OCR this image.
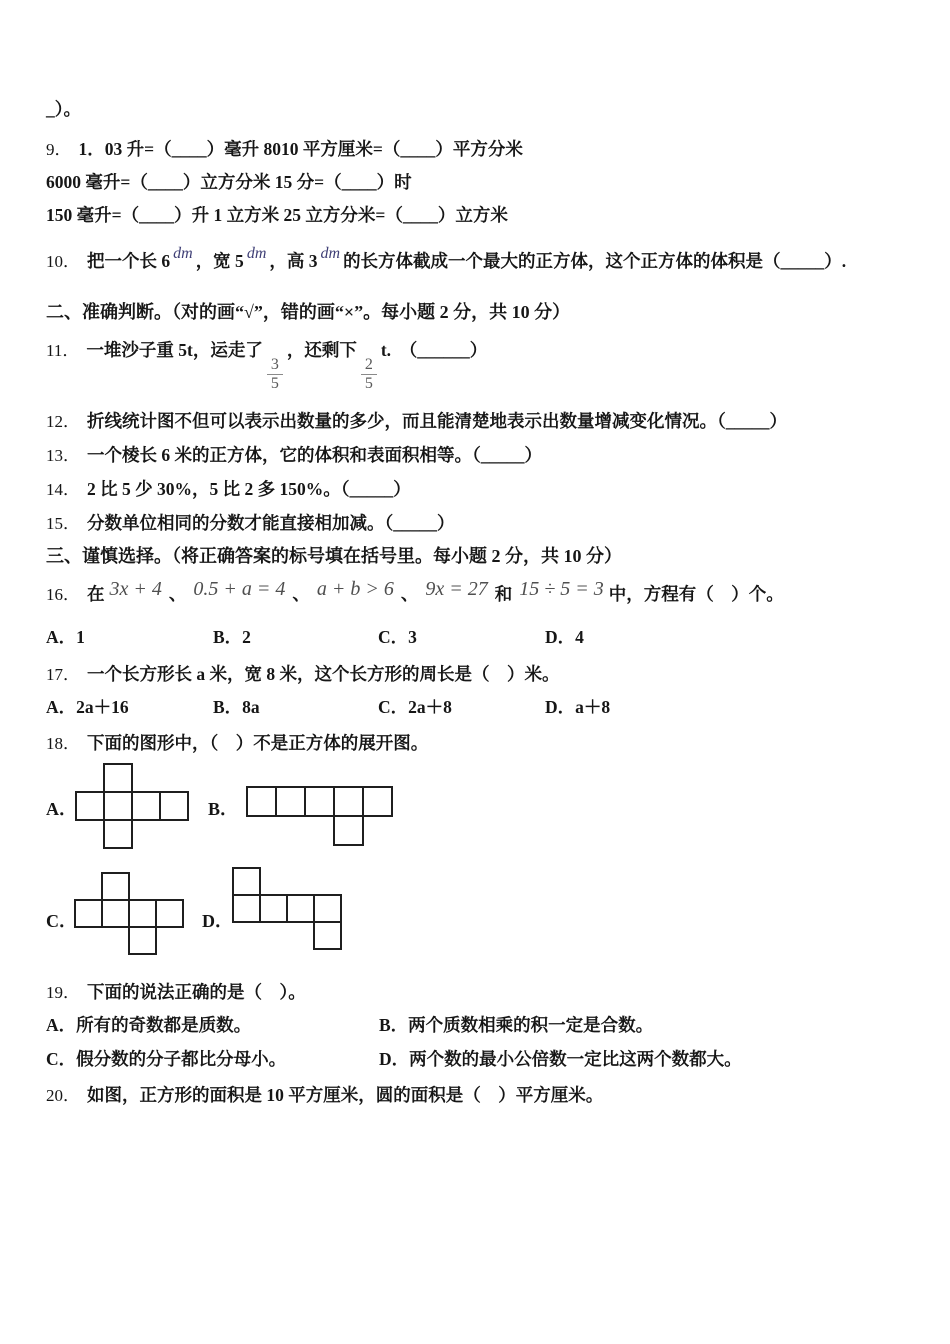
_）。
9． 1．03 升=（____）毫升 8010 平方厘米=（____）平方分米
6000 毫升=（____）立方分米 15 分=（____）时
150 毫升=（____）升 1 立方米 25 立方分米=（____）立方米
10． 把一个长 6 dm ，宽 5 dm ，高 3 dm 的长方体截成一个最大的正方体，这个正方体的体积是（_____）.
二、准确判断。（对的画“√”，错的画“×”。每小题 2 分，共 10 分）
11． 一堆沙子重 5t，运走了
$\frac{3}{5}$
，还剩下
$\frac{2}{5}$
t.　（______）
12． 折线统计图不但可以表示出数量的多少，而且能清楚地表示出数量增减变化情况。（_____）
13． 一个棱长 6 米的正方体，它的体积和表面积相等。（_____）
14． 2 比 5 少 30%，5 比 2 多 150%。（_____）
15． 分数单位相同的分数才能直接相加减。（_____）
三、谨慎选择。（将正确答案的标号填在括号里。每小题 2 分，共 10 分）
16． 在 3x + 4 、 0.5 + a = 4 、 a + b > 6 、 9x = 27 和 15 ÷ 5 = 3 中，方程有（　）个。
A．1	B．2	C．3	D．4
17． 一个长方形长 a 米，宽 8 米，这个长方形的周长是（　）米。
A．2a＋16	B．8a	C．2a＋8	D．a＋8
18． 下面的图形中，（　）不是正方体的展开图。
A．	B．
C．	D．
19． 下面的说法正确的是（　）。
A．所有的奇数都是质数。	B．两个质数相乘的积一定是合数。
C．假分数的分子都比分母小。	D．两个数的最小公倍数一定比这两个数都大。
20． 如图，正方形的面积是 10 平方厘米，圆的面积是（　）平方厘米。
